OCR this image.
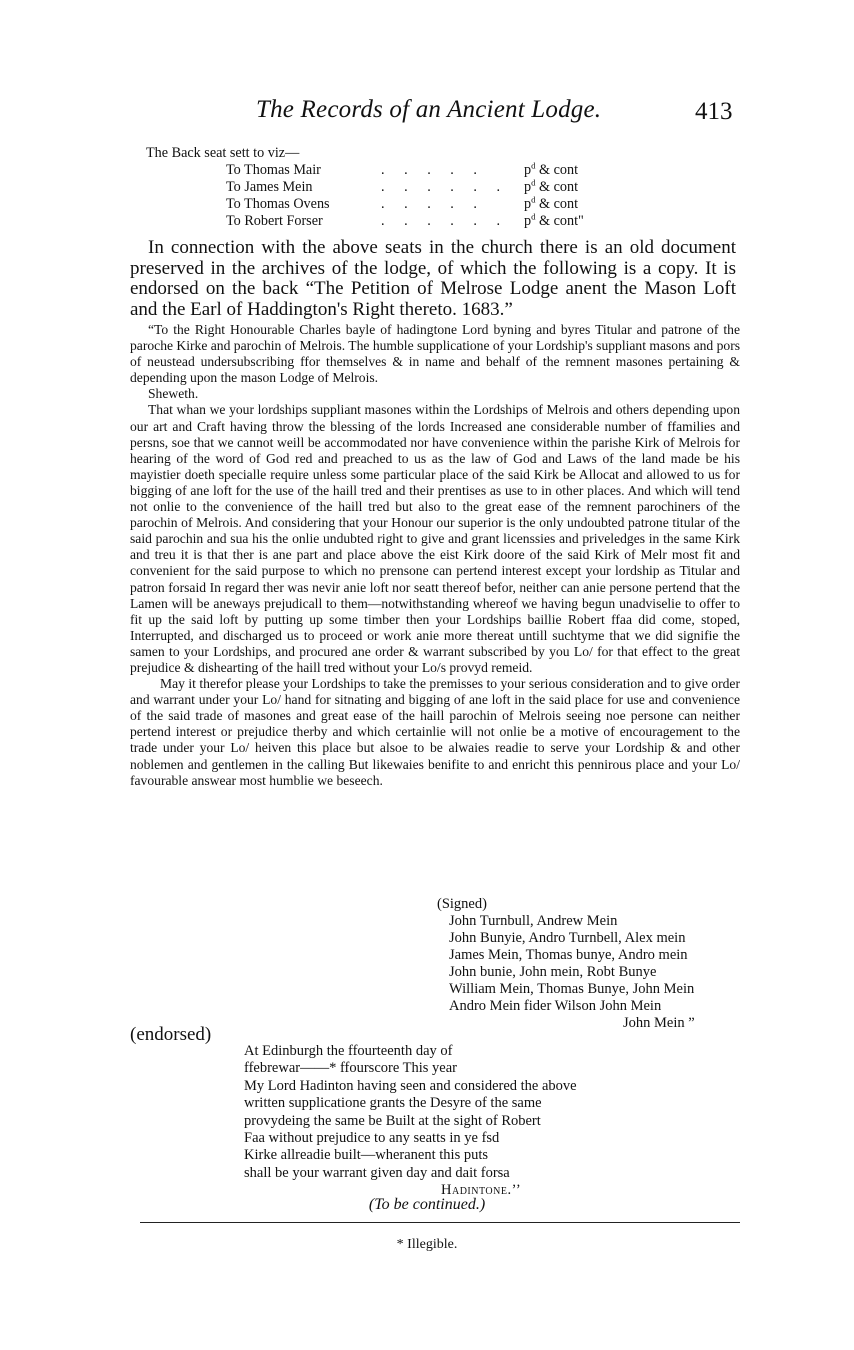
The Records of an Ancient Lodge.	413
The Back seat sett to viz—
To Thomas Mair	. . . . .	$p^d$ & cont
To James Mein	. . . . . . $p^d$ & cont
To Thomas Ovens	. . . . .	$p^d$ & cont
To Robert Forser	. . . . . . $p^d$ & cont"

In connection with the above seats in the church there is an old document preserved in the archives of the lodge, of which the following is a copy. It is endorsed on the back “The Petition of Melrose Lodge anent the Mason Loft and the Earl of Haddington's Right thereto. 1683.”

“To the Right Honourable Charles bayle of hadingtone Lord byning and byres Titular and patrone of the paroche Kirke and parochin of Melrois. The humble supplicatione of your Lordship's suppliant masons and pors of neustead undersubscribing ffor themselves & in name and behalf of the remnent masones pertaining & depending upon the mason Lodge of Melrois.

Sheweth.

That whan we your lordships suppliant masones within the Lordships of Melrois and others depending upon our art and Craft having throw the blessing of the lords Increased ane considerable number of ffamilies and persns, soe that we cannot weill be accommodated nor have convenience within the parishe Kirk of Melrois for hearing of the word of God red and preached to us as the law of God and Laws of the land made be his mayistier doeth specialle require unless some particular place of the said Kirk be Allocat and allowed to us for bigging of ane loft for the use of the haill tred and their prentises as use to in other places. And which will tend not onlie to the convenience of the haill tred but also to the great ease of the remnent parochiners of the parochin of Melrois. And considering that your Honour our superior is the only undoubted patrone titular of the said parochin and sua his the onlie undubted right to give and grant licenssies and priveledges in the same Kirk and treu it is that ther is ane part and place above the eist Kirk doore of the said Kirk of Melr most fit and convenient for the said purpose to which no prensone can pertend interest except your lordship as Titular and patron forsaid In regard ther was nevir anie loft nor seatt thereof befor, neither can anie persone pertend that the Lamen will be aneways prejudicall to them—notwithstanding whereof we having begun unadviselie to offer to fit up the said loft by putting up some timber then your Lordships baillie Robert ffaa did come, stoped, Interrupted, and discharged us to proceed or work anie more thereat untill suchtyme that we did signifie the samen to your Lordships, and procured ane order & warrant subscribed by you Lo/ for that effect to the great prejudice & dishearting of the haill tred without your Lo/s provyd remeid.

May it therefor please your Lordships to take the premisses to your serious consideration and to give order and warrant under your Lo/ hand for sitnating and bigging of ane loft in the said place for use and convenience of the said trade of masones and great ease of the haill parochin of Melrois seeing noe persone can neither pertend interest or prejudice therby and which certainlie will not onlie be a motive of encouragement to the trade under your Lo/ heiven this place but alsoe to be alwaies readie to serve your Lordship & and other noblemen and gentlemen in the calling But likewaies benifite to and enricht this pennirous place and your Lo/ favourable answear most humblie we beseech.

(Signed)
John Turnbull, Andrew Mein
John Bunyie, Andro Turnbell, Alex mein
James Mein, Thomas bunye, Andro mein
John bunie, John mein, Robt Bunye
William Mein, Thomas Bunye, John Mein
Andro Mein fider Wilson John Mein
John Mein ”
(endorsed)
At Edinburgh the ffourteenth day of
ffebrewar——* ffourscore This year
My Lord Hadinton having seen and considered the above
written supplicatione grants the Desyre of the same
provydeing the same be Built at the sight of Robert
Faa without prejudice to any seatts in ye fsd
Kirke allreadie built—wheranent this puts
shall be your warrant given day and dait forsa
Hadintone.’’
(To be continued.)
* Illegible.
